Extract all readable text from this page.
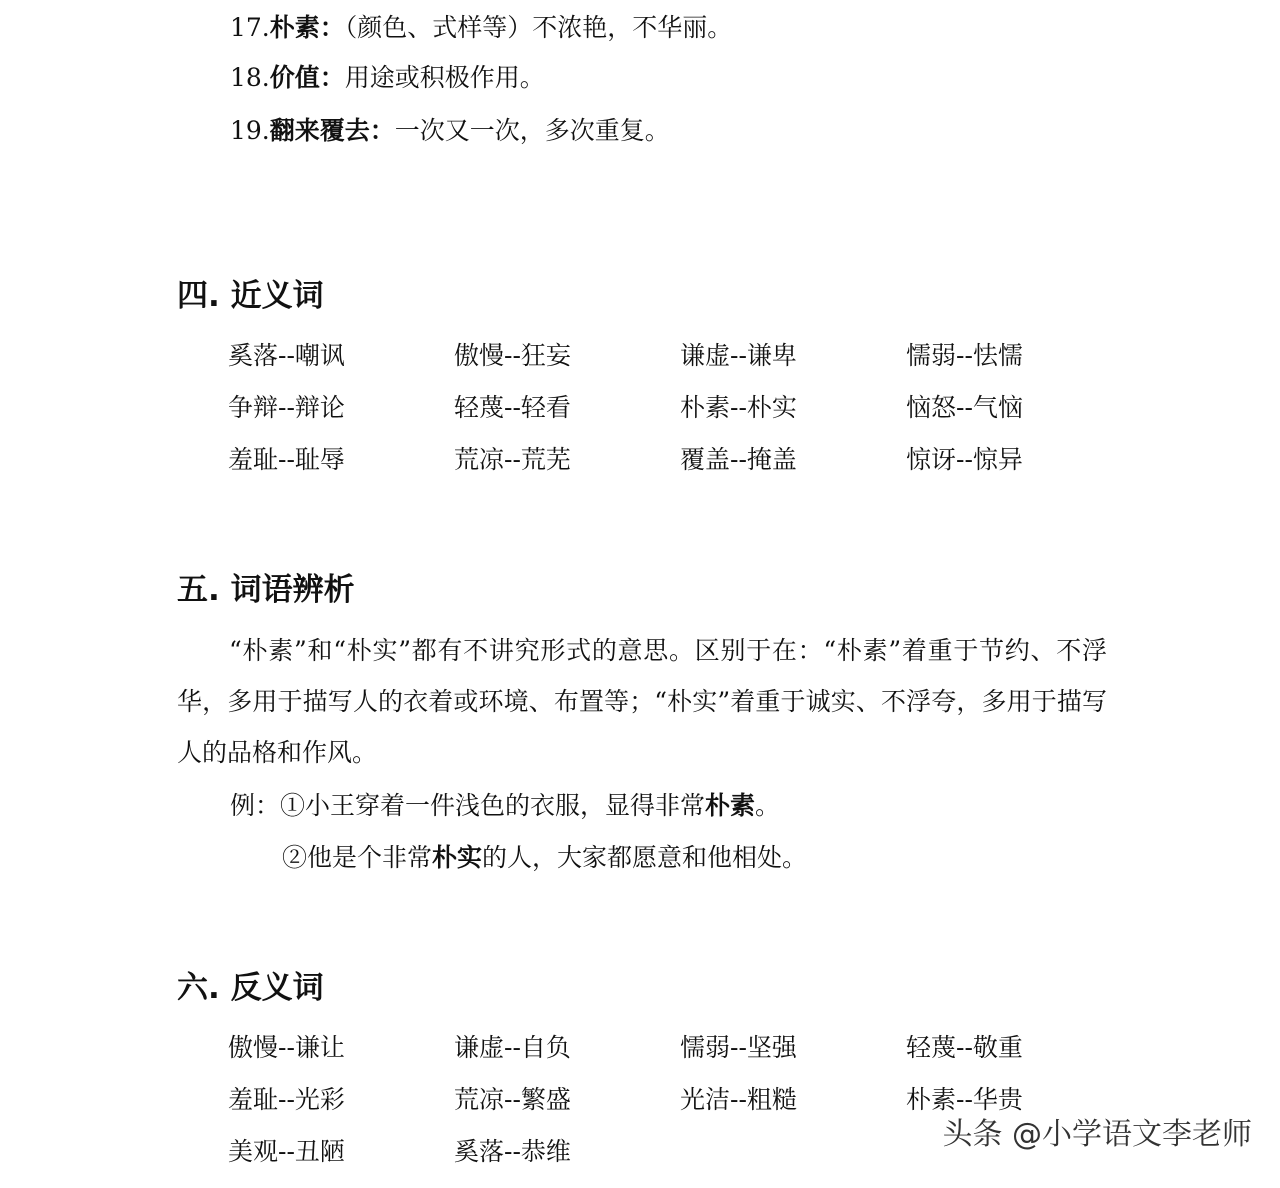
17.朴素：（颜色、式样等）不浓艳，不华丽。
18.价值：用途或积极作用。
19.翻来覆去：一次又一次，多次重复。
四. 近义词
奚落--嘲讽	傲慢--狂妄	谦虚--谦卑	懦弱--怯懦
争辩--辩论	轻蔑--轻看	朴素--朴实	恼怒--气恼
羞耻--耻辱	荒凉--荒芜	覆盖--掩盖	惊讶--惊异
五. 词语辨析
“朴素”和“朴实”都有不讲究形式的意思。区别于在：“朴素”着重于节约、不浮华，多用于描写人的衣着或环境、布置等；“朴实”着重于诚实、不浮夸，多用于描写人的品格和作风。
例：①小王穿着一件浅色的衣服，显得非常朴素。
②他是个非常朴实的人，大家都愿意和他相处。
六. 反义词
傲慢--谦让	谦虚--自负	懦弱--坚强	轻蔑--敬重
羞耻--光彩	荒凉--繁盛	光洁--粗糙	朴素--华贵
美观--丑陋	奚落--恭维	头条 @小学语文李老师
